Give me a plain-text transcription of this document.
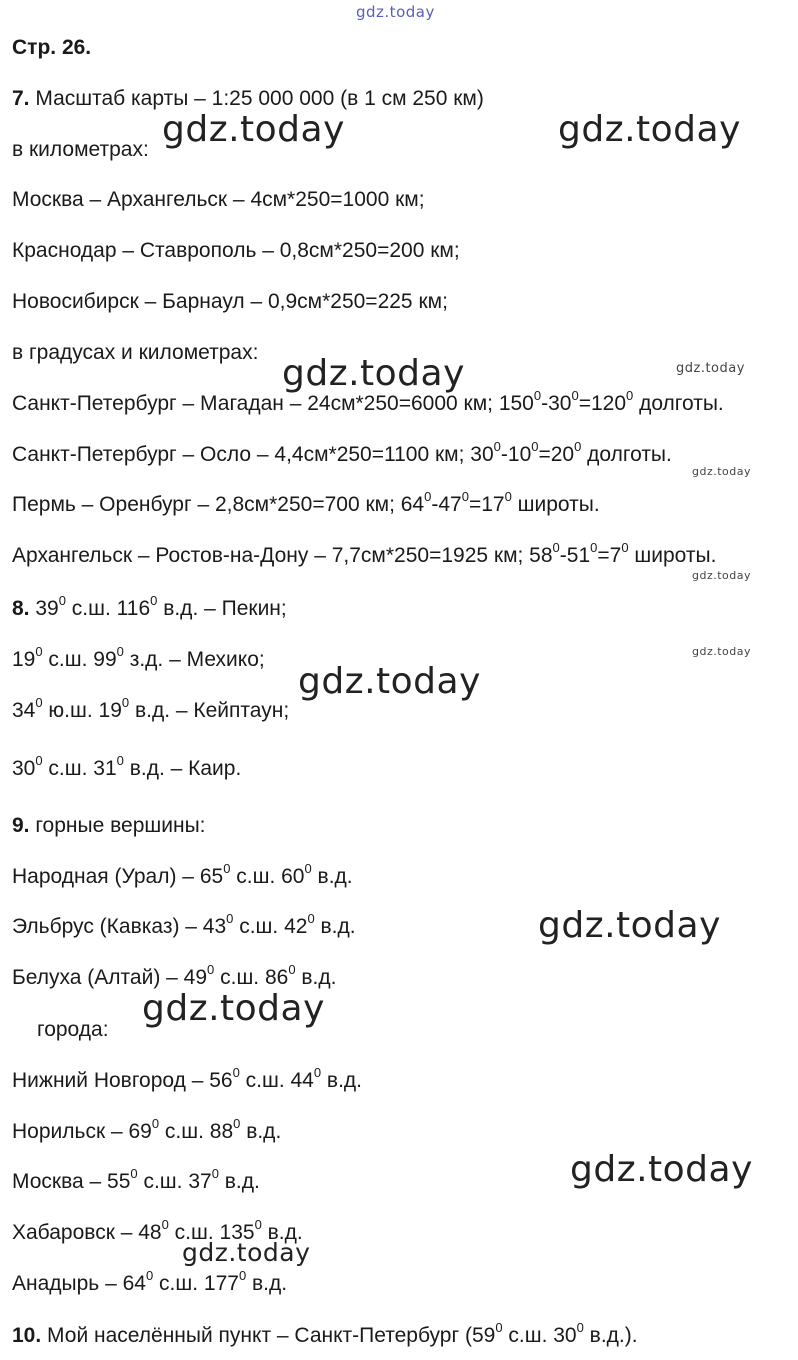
gdz.today
Стр. 26.
7. Масштаб карты – 1:25 000 000 (в 1 см 250 км)
в километрах:
Москва – Архангельск – 4см*250=1000 км;
Краснодар – Ставрополь – 0,8см*250=200 км;
Новосибирск – Барнаул – 0,9см*250=225 км;
в градусах и километрах:
Санкт-Петербург – Магадан – 24см*250=6000 км; $150^0-30^0=120^0$ долготы.
Санкт-Петербург – Осло – 4,4см*250=1100 км; $30^0-10^0=20^0$ долготы.
Пермь – Оренбург – 2,8см*250=700 км; $64^0-47^0=17^0$ широты.
Архангельск – Ростов-на-Дону – 7,7см*250=1925 км; $58^0-51^0=7^0$ широты.
8. $39^0$ с.ш. $116^0$ в.д. – Пекин;
$19^0$ с.ш. $99^0$ з.д. – Мехико;
$34^0$ ю.ш. $19^0$ в.д. – Кейптаун;
$30^0$ с.ш. $31^0$ в.д. – Каир.
9. горные вершины:
Народная (Урал) – $65^0$ с.ш. $60^0$ в.д.
Эльбрус (Кавказ) – $43^0$ с.ш. $42^0$ в.д.
Белуха (Алтай) – $49^0$ с.ш. $86^0$ в.д.
города:
Нижний Новгород – $56^0$ с.ш. $44^0$ в.д.
Норильск – $69^0$ с.ш. $88^0$ в.д.
Москва – $55^0$ с.ш. $37^0$ в.д.
Хабаровск – $48^0$ с.ш. $135^0$ в.д.
Анадырь – $64^0$ с.ш. $177^0$ в.д.
10. Мой населённый пункт – Санкт-Петербург ($59^0$ с.ш. $30^0$ в.д.).
gdz.today	gdz.today
gdz.today	gdz.today
gdz.today
gdz.today
gdz.today
gdz.today
gdz.today
gdz.today
gdz.today
gdz.today
